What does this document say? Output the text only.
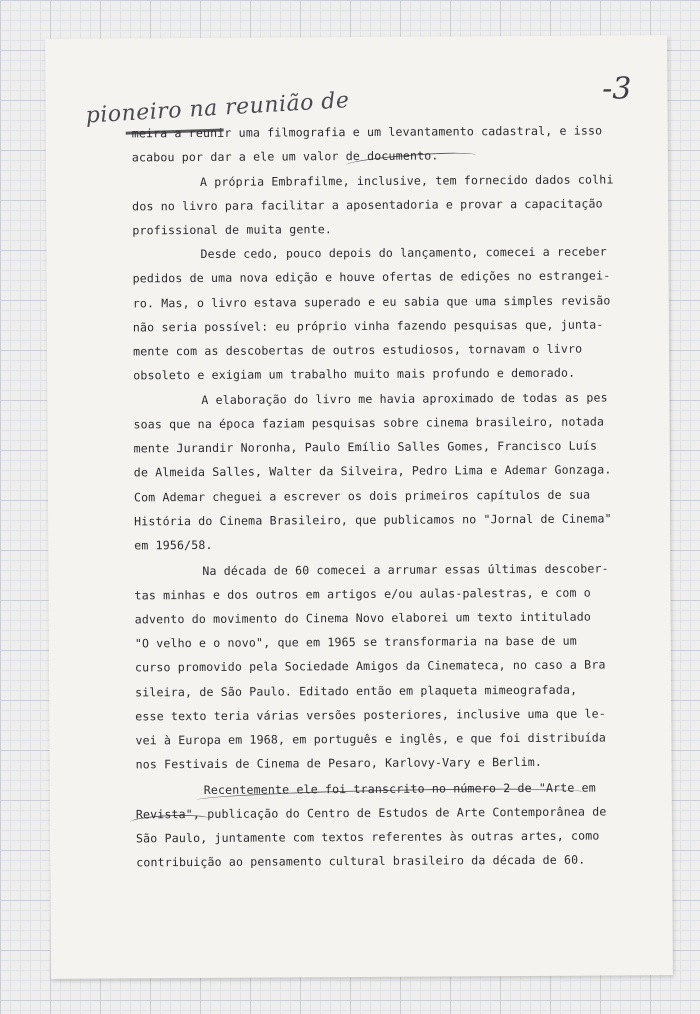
-3
pioneiro na reunião de
meira a reunir uma filmografia e um levantamento cadastral, e isso
acabou por dar a ele um valor de documento.
A própria Embrafilme, inclusive, tem fornecido dados colhi
dos no livro para facilitar a aposentadoria e provar a capacitação
profissional de muita gente.
Desde cedo, pouco depois do lançamento, comecei a receber
pedidos de uma nova edição e houve ofertas de edições no estrangei-
ro. Mas, o livro estava superado e eu sabia que uma simples revisão
não seria possível: eu próprio vinha fazendo pesquisas que, junta-
mente com as descobertas de outros estudiosos, tornavam o livro
obsoleto e exigiam um trabalho muito mais profundo e demorado.
A elaboração do livro me havia aproximado de todas as pes
soas que na época faziam pesquisas sobre cinema brasileiro, notada
mente Jurandir Noronha, Paulo Emílio Salles Gomes, Francisco Luís
de Almeida Salles, Walter da Silveira, Pedro Lima e Ademar Gonzaga.
Com Ademar cheguei a escrever os dois primeiros capítulos de sua
História do Cinema Brasileiro, que publicamos no "Jornal de Cinema"
em 1956/58.
Na década de 60 comecei a arrumar essas últimas descober-
tas minhas e dos outros em artigos e/ou aulas-palestras, e com o
advento do movimento do Cinema Novo elaborei um texto intitulado
"O velho e o novo", que em 1965 se transformaria na base de um
curso promovido pela Sociedade Amigos da Cinemateca, no caso a Bra
sileira, de São Paulo. Editado então em plaqueta mimeografada,
esse texto teria várias versões posteriores, inclusive uma que le-
vei à Europa em 1968, em português e inglês, e que foi distribuída
nos Festivais de Cinema de Pesaro, Karlovy-Vary e Berlim.
Recentemente ele foi transcrito no número 2 de "Arte em
Revista", publicação do Centro de Estudos de Arte Contemporânea de
São Paulo, juntamente com textos referentes às outras artes, como
contribuição ao pensamento cultural brasileiro da década de 60.
